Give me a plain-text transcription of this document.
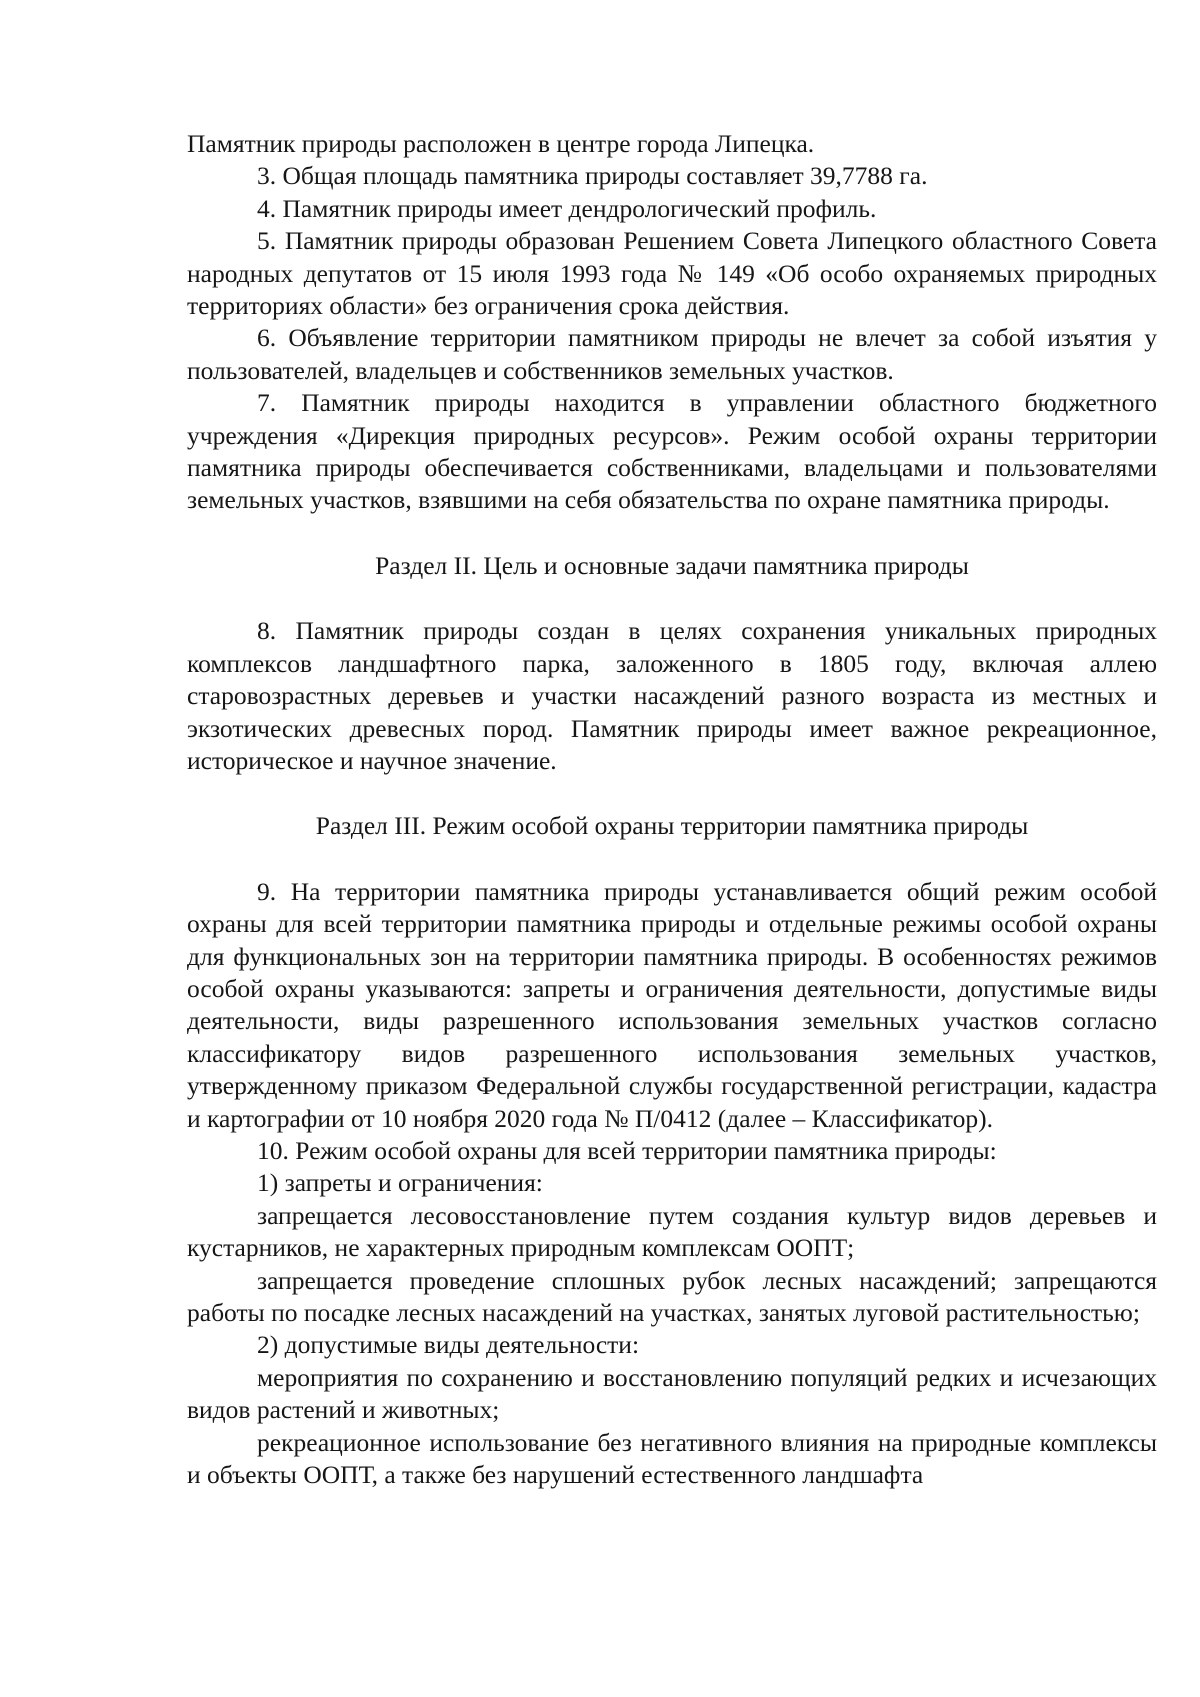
Памятник природы расположен в центре города Липецка.

3. Общая площадь памятника природы составляет 39,7788 га.

4. Памятник природы имеет дендрологический профиль.

5. Памятник природы образован Решением Совета Липецкого областного Совета народных депутатов от 15 июля 1993 года № 149 «Об особо охраняемых природных территориях области» без ограничения срока действия.

6. Объявление территории памятником природы не влечет за собой изъятия у пользователей, владельцев и собственников земельных участков.

7. Памятник природы находится в управлении областного бюджетного учреждения «Дирекция природных ресурсов». Режим особой охраны территории памятника природы обеспечивается собственниками, владельцами и пользователями земельных участков, взявшими на себя обязательства по охране памятника природы.

Раздел II. Цель и основные задачи памятника природы

8. Памятник природы создан в целях сохранения уникальных природных комплексов ландшафтного парка, заложенного в 1805 году, включая аллею старовозрастных деревьев и участки насаждений разного возраста из местных и экзотических древесных пород. Памятник природы имеет важное рекреационное, историческое и научное значение.

Раздел III. Режим особой охраны территории памятника природы

9. На территории памятника природы устанавливается общий режим особой охраны для всей территории памятника природы и отдельные режимы особой охраны для функциональных зон на территории памятника природы. В особенностях режимов особой охраны указываются: запреты и ограничения деятельности, допустимые виды деятельности, виды разрешенного использования земельных участков согласно классификатору видов разрешенного использования земельных участков, утвержденному приказом Федеральной службы государственной регистрации, кадастра и картографии от 10 ноября 2020 года № П/0412 (далее – Классификатор).

10. Режим особой охраны для всей территории памятника природы:

1) запреты и ограничения:

запрещается лесовосстановление путем создания культур видов деревьев и кустарников, не характерных природным комплексам ООПТ;

запрещается проведение сплошных рубок лесных насаждений; запрещаются работы по посадке лесных насаждений на участках, занятых луговой растительностью;

2) допустимые виды деятельности:

мероприятия по сохранению и восстановлению популяций редких и исчезающих видов растений и животных;

рекреационное использование без негативного влияния на природные комплексы и объекты ООПТ, а также без нарушений естественного ландшафта
